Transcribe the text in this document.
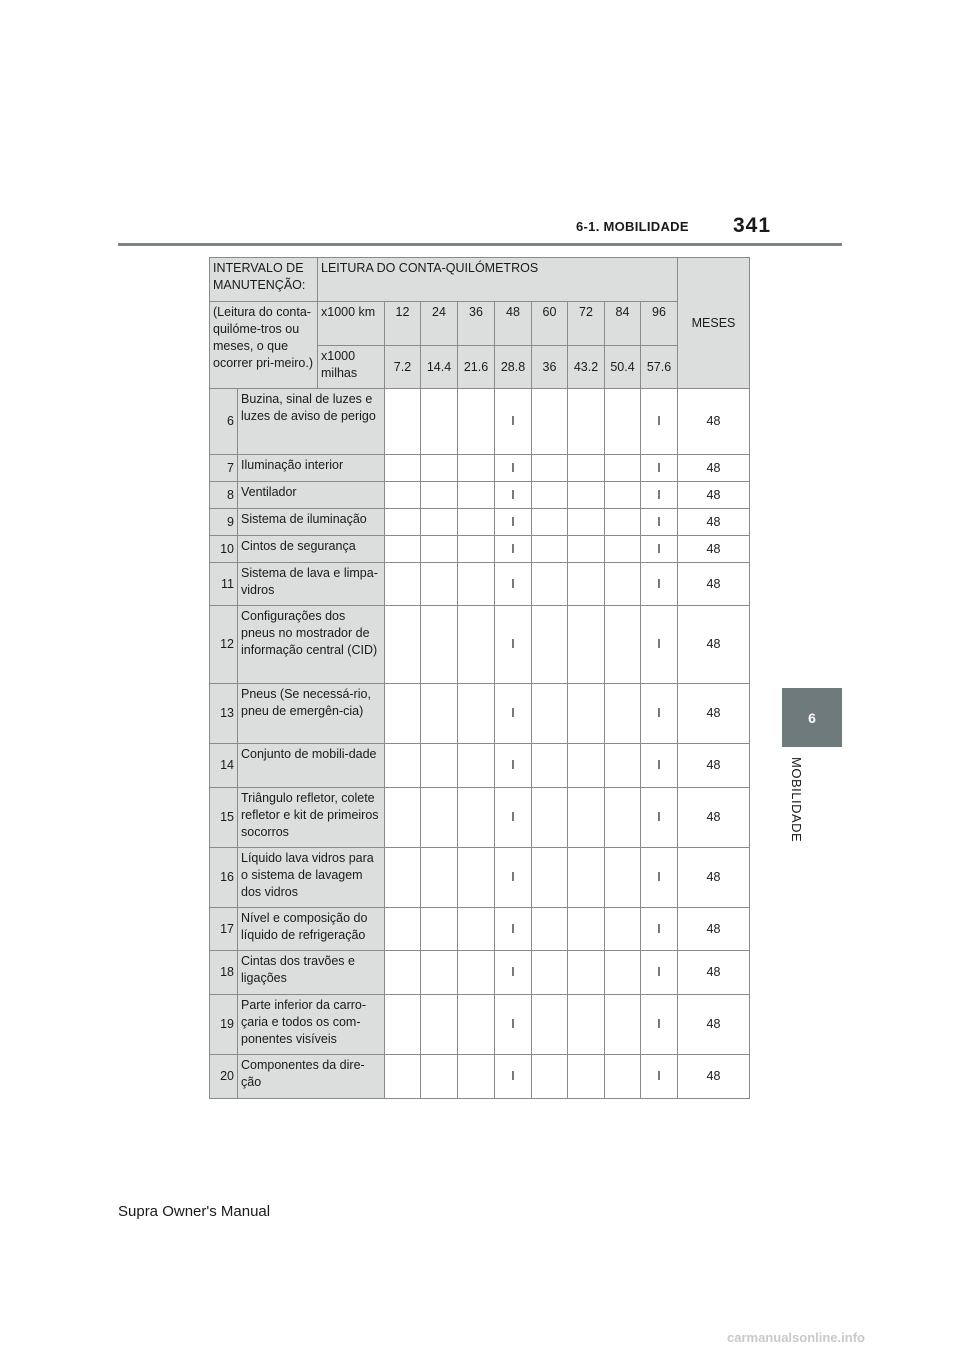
6-1. MOBILIDADE 341
6
MOBILIDADE
INTERVALO DE MANUTENÇÃO:		LEITURA DO CONTA-QUILÓMETROS									MESES
(Leitura do conta-quilóme-tros ou meses, o que ocorrer pri-meiro.)		x1000 km	12	24	36	48	60	72	84	96	
		x1000 milhas	7.2	14.4	21.6	28.8	36	43.2	50.4	57.6	
6	Buzina, sinal de luzes e luzes de aviso de perigo					I				I	48
7	Iluminação interior					I				I	48
8	Ventilador					I				I	48
9	Sistema de iluminação					I				I	48
10	Cintos de segurança					I				I	48
11	Sistema de lava e limpa-vidros					I				I	48
12	Configurações dos pneus no mostrador de informação central (CID)					I				I	48
13	Pneus (Se necessá-rio, pneu de emergên-cia)					I				I	48
14	Conjunto de mobili-dade					I				I	48
15	Triângulo refletor, colete refletor e kit de primeiros socorros					I				I	48
16	Líquido lava vidros para o sistema de lavagem dos vidros					I				I	48
17	Nível e composição do líquido de refrigeração					I				I	48
18	Cintas dos travões e ligações					I				I	48
19	Parte inferior da carro-çaria e todos os com-ponentes visíveis					I				I	48
20	Componentes da dire-ção					I				I	48
Supra Owner's Manual
carmanualsonline.info
